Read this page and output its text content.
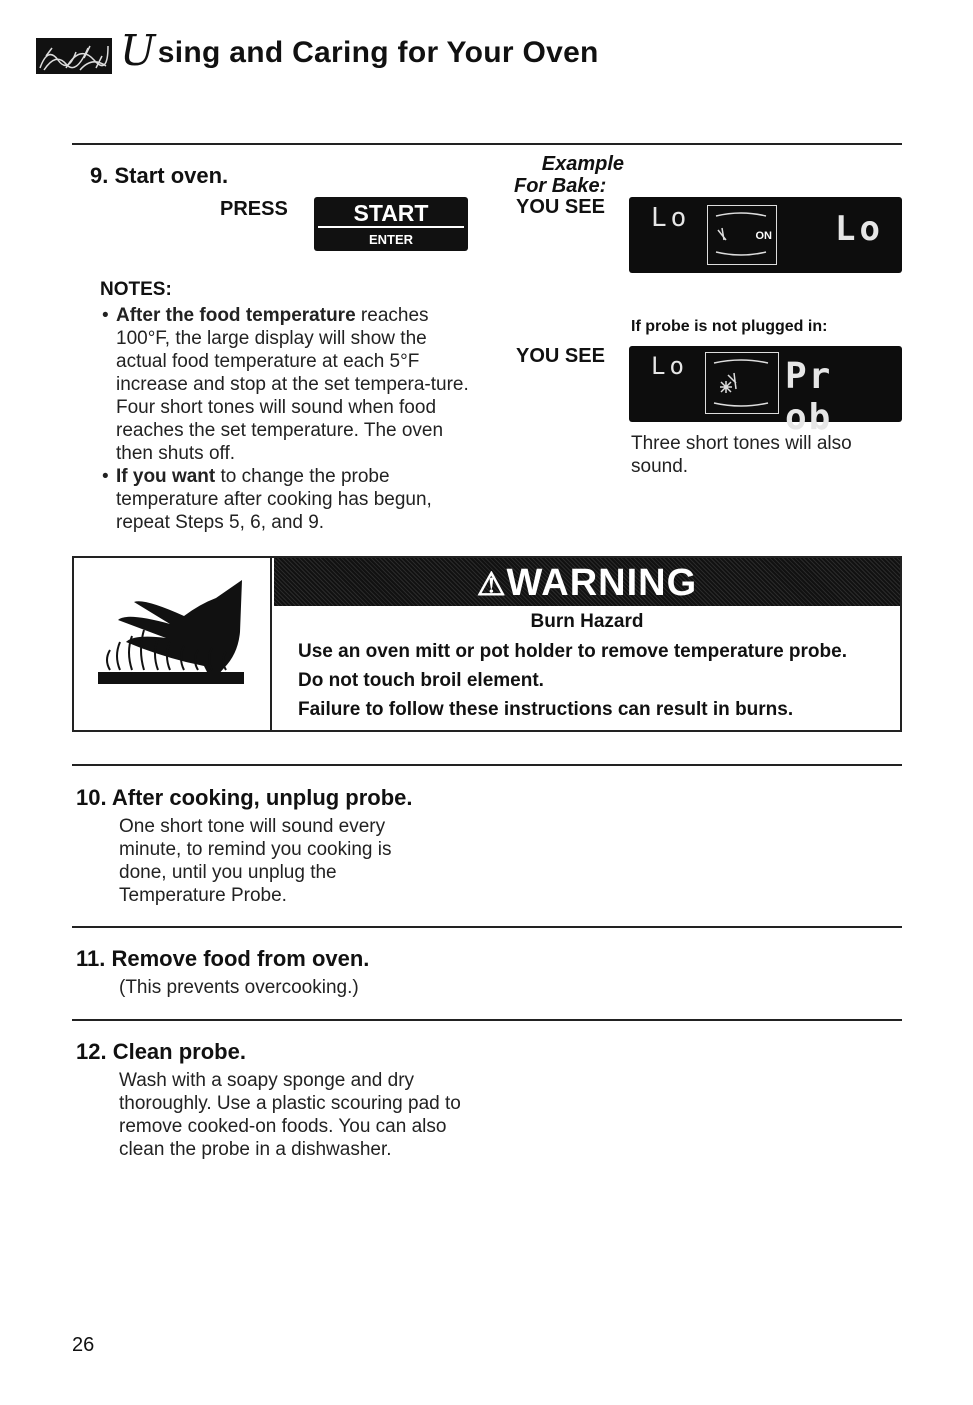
Using and Caring for Your Oven
9. Start oven.
PRESS	START
ENTER
NOTES:
• After the food temperature reaches 100°F, the large display will show the actual food temperature at each 5°F increase and stop at the set tempera-ture. Four short tones will sound when food reaches the set temperature. The oven then shuts off.
• If you want to change the probe temperature after cooking has begun, repeat Steps 5, 6, and 9.
Example
For Bake:
YOU SEE Lo
ON Lo
If probe is not plugged in:
YOU SEE Lo	Pr ob
Three short tones will also sound.
⚠WARNING
Burn Hazard
Use an oven mitt or pot holder to remove temperature probe.
Do not touch broil element.
Failure to follow these instructions can result in burns.
10. After cooking, unplug probe.
One short tone will sound every minute, to remind you cooking is done, until you unplug the Temperature Probe.
11. Remove food from oven.
(This prevents overcooking.)
12. Clean probe.
Wash with a soapy sponge and dry thoroughly. Use a plastic scouring pad to remove cooked-on foods. You can also clean the probe in a dishwasher.
26
